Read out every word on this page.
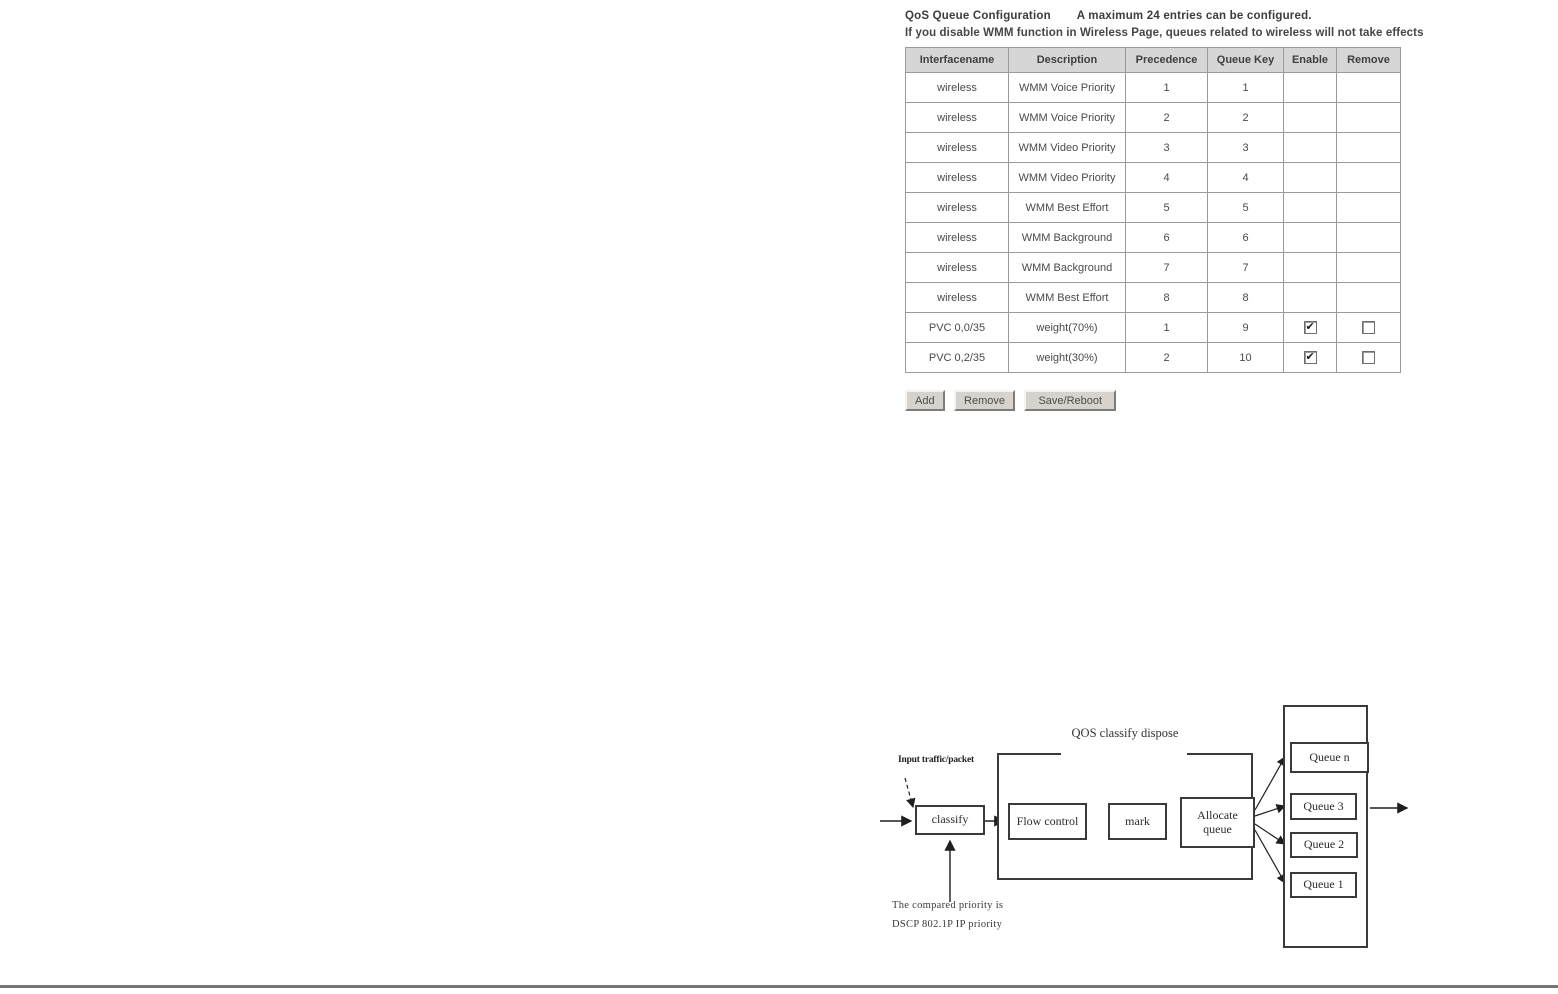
QoS Queue Configuration A maximum 24 entries can be configured.
If you disable WMM function in Wireless Page, queues related to wireless will not take effects
Interfacename	Description	Precedence	Queue Key	Enable	Remove
wireless	WMM Voice Priority	1	1		
wireless	WMM Voice Priority	2	2		
wireless	WMM Video Priority	3	3		
wireless	WMM Video Priority	4	4		
wireless	WMM Best Effort	5	5		
wireless	WMM Background	6	6		
wireless	WMM Background	7	7		
wireless	WMM Best Effort	8	8		
PVC 0,0/35	weight(70%)	1	9	✔	
PVC 0,2/35	weight(30%)	2	10	✔	
Add	Remove	Save/Reboot
QOS classify dispose
Input traffic/packet
classify	Flow control	mark	Allocate queue
Queue n
Queue 3
Queue 2
Queue 1
The compared priority is
DSCP 802.1P IP priority
